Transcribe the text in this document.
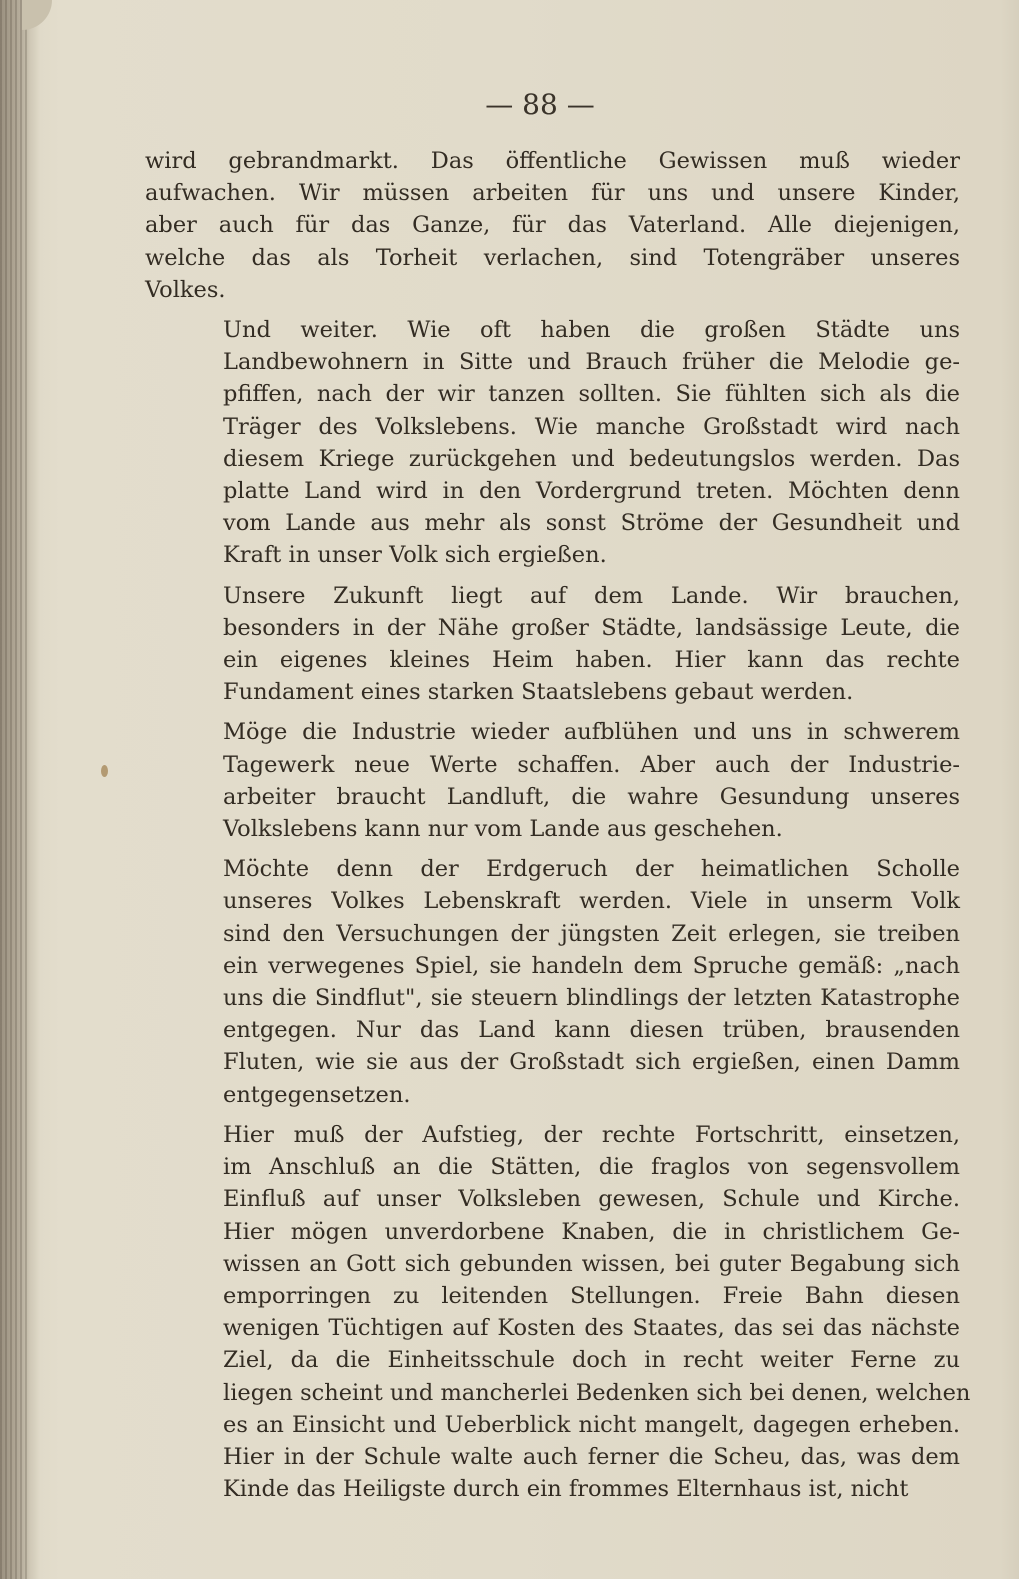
— 88 —
wird gebrandmarkt. Das öffentliche Gewissen muß wieder
aufwachen. Wir müssen arbeiten für uns und unsere Kinder,
aber auch für das Ganze, für das Vaterland. Alle diejenigen,
welche das als Torheit verlachen, sind Totengräber unseres
Volkes.
Und weiter. Wie oft haben die großen Städte uns
Landbewohnern in Sitte und Brauch früher die Melodie ge-
pfiffen, nach der wir tanzen sollten. Sie fühlten sich als die
Träger des Volkslebens. Wie manche Großstadt wird nach
diesem Kriege zurückgehen und bedeutungslos werden. Das
platte Land wird in den Vordergrund treten. Möchten denn
vom Lande aus mehr als sonst Ströme der Gesundheit und
Kraft in unser Volk sich ergießen.
Unsere Zukunft liegt auf dem Lande. Wir brauchen,
besonders in der Nähe großer Städte, landsässige Leute, die
ein eigenes kleines Heim haben. Hier kann das rechte
Fundament eines starken Staatslebens gebaut werden.
Möge die Industrie wieder aufblühen und uns in schwerem
Tagewerk neue Werte schaffen. Aber auch der Industrie-
arbeiter braucht Landluft, die wahre Gesundung unseres
Volkslebens kann nur vom Lande aus geschehen.
Möchte denn der Erdgeruch der heimatlichen Scholle
unseres Volkes Lebenskraft werden. Viele in unserm Volk
sind den Versuchungen der jüngsten Zeit erlegen, sie treiben
ein verwegenes Spiel, sie handeln dem Spruche gemäß: „nach
uns die Sindflut", sie steuern blindlings der letzten Katastrophe
entgegen. Nur das Land kann diesen trüben, brausenden
Fluten, wie sie aus der Großstadt sich ergießen, einen Damm
entgegensetzen.
Hier muß der Aufstieg, der rechte Fortschritt, einsetzen,
im Anschluß an die Stätten, die fraglos von segensvollem
Einfluß auf unser Volksleben gewesen, Schule und Kirche.
Hier mögen unverdorbene Knaben, die in christlichem Ge-
wissen an Gott sich gebunden wissen, bei guter Begabung sich
emporringen zu leitenden Stellungen. Freie Bahn diesen
wenigen Tüchtigen auf Kosten des Staates, das sei das nächste
Ziel, da die Einheitsschule doch in recht weiter Ferne zu
liegen scheint und mancherlei Bedenken sich bei denen, welchen
es an Einsicht und Ueberblick nicht mangelt, dagegen erheben.
Hier in der Schule walte auch ferner die Scheu, das, was dem
Kinde das Heiligste durch ein frommes Elternhaus ist, nicht
